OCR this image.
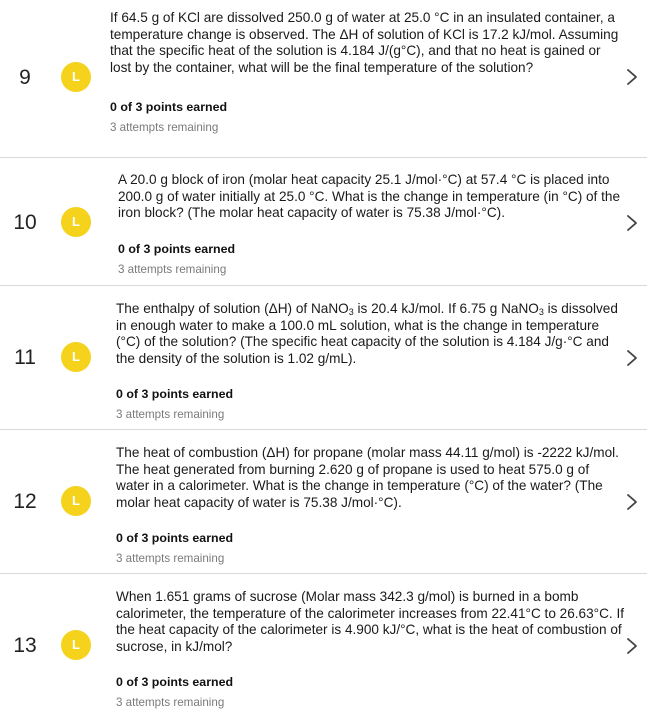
9	L

If 64.5 g of KCl are dissolved 250.0 g of water at 25.0 °C in an insulated container, a temperature change is observed. The ΔH of solution of KCl is 17.2 kJ/mol. Assuming that the specific heat of the solution is 4.184 J/(g°C), and that no heat is gained or lost by the container, what will be the final temperature of the solution?

0 of 3 points earned

3 attempts remaining

10	L

A 20.0 g block of iron (molar heat capacity 25.1 J/mol·°C) at 57.4 °C is placed into 200.0 g of water initially at 25.0 °C. What is the change in temperature (in °C) of the iron block? (The molar heat capacity of water is 75.38 J/mol·°C).

0 of 3 points earned

3 attempts remaining

11	L

The enthalpy of solution (ΔH) of NaNO$_3$ is 20.4 kJ/mol. If 6.75 g NaNO$_3$ is dissolved in enough water to make a 100.0 mL solution, what is the change in temperature (°C) of the solution? (The specific heat capacity of the solution is 4.184 J/g·°C and the density of the solution is 1.02 g/mL).

0 of 3 points earned

3 attempts remaining

12	L

The heat of combustion (ΔH) for propane (molar mass 44.11 g/mol) is -2222 kJ/mol. The heat generated from burning 2.620 g of propane is used to heat 575.0 g of water in a calorimeter. What is the change in temperature (°C) of the water? (The molar heat capacity of water is 75.38 J/mol·°C).

0 of 3 points earned

3 attempts remaining

13	L

When 1.651 grams of sucrose (Molar mass 342.3 g/mol) is burned in a bomb calorimeter, the temperature of the calorimeter increases from 22.41°C to 26.63°C. If the heat capacity of the calorimeter is 4.900 kJ/°C, what is the heat of combustion of sucrose, in kJ/mol?

0 of 3 points earned

3 attempts remaining
